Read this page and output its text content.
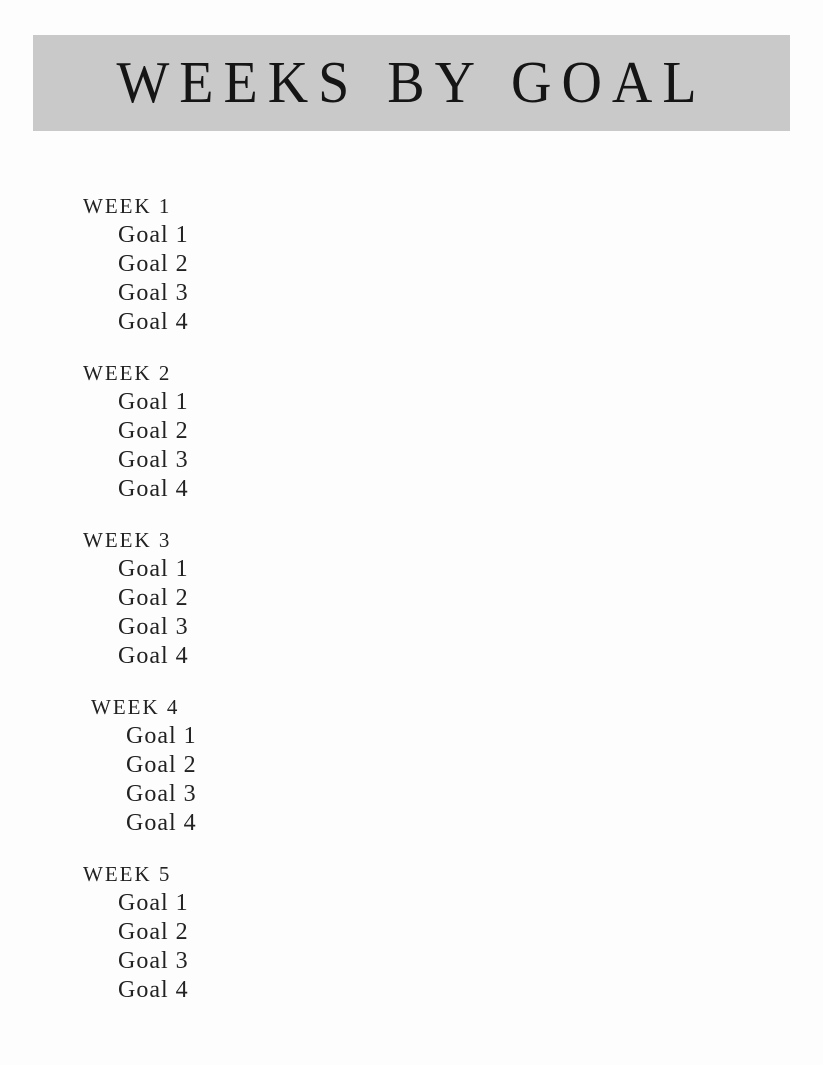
WEEKS BY GOAL
WEEK 1
Goal 1
Goal 2
Goal 3
Goal 4
WEEK 2
Goal 1
Goal 2
Goal 3
Goal 4
WEEK 3
Goal 1
Goal 2
Goal 3
Goal 4
WEEK 4
Goal 1
Goal 2
Goal 3
Goal 4
WEEK 5
Goal 1
Goal 2
Goal 3
Goal 4
